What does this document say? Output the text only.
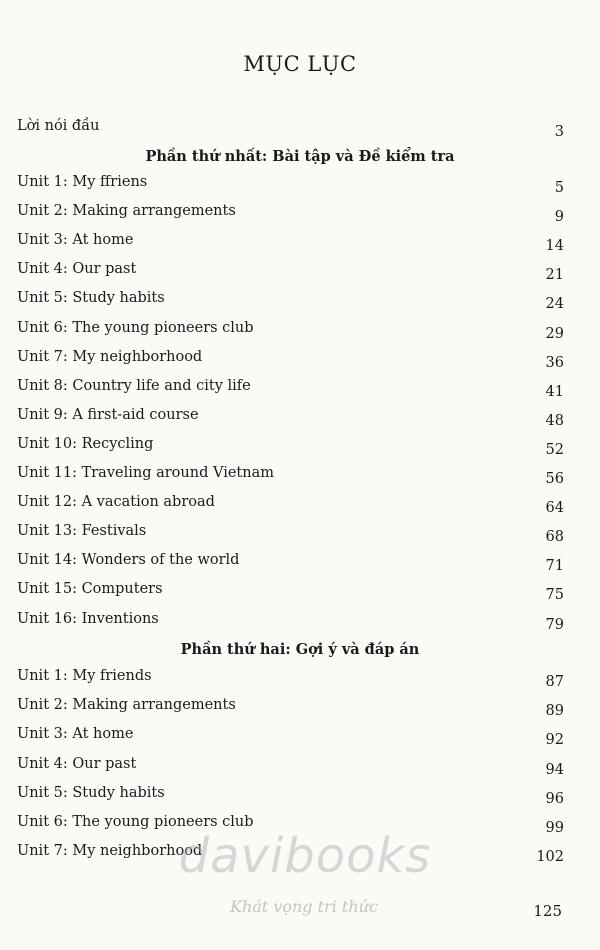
MỤC LỤC
Lời nói đầu	3
Phần thứ nhất: Bài tập và Đề kiểm tra
Unit 1: My ffriens	5
Unit 2: Making arrangements	9
Unit 3: At home	14
Unit 4: Our past	21
Unit 5: Study habits	24
Unit 6: The young pioneers club	29
Unit 7: My neighborhood	36
Unit 8: Country life and city life	41
Unit 9: A first-aid course	48
Unit 10: Recycling	52
Unit 11: Traveling around Vietnam	56
Unit 12: A vacation abroad	64
Unit 13: Festivals	68
Unit 14: Wonders of the world	71
Unit 15: Computers	75
Unit 16: Inventions	79
Phần thứ hai: Gợi ý và đáp án
Unit 1: My friends	87
Unit 2: Making arrangements	89
Unit 3: At home	92
Unit 4: Our past	94
Unit 5: Study habits	96
Unit 6: The young pioneers club	99
Unit 7: My neighborhood	102
davibooks
Khát vọng tri thức	125
